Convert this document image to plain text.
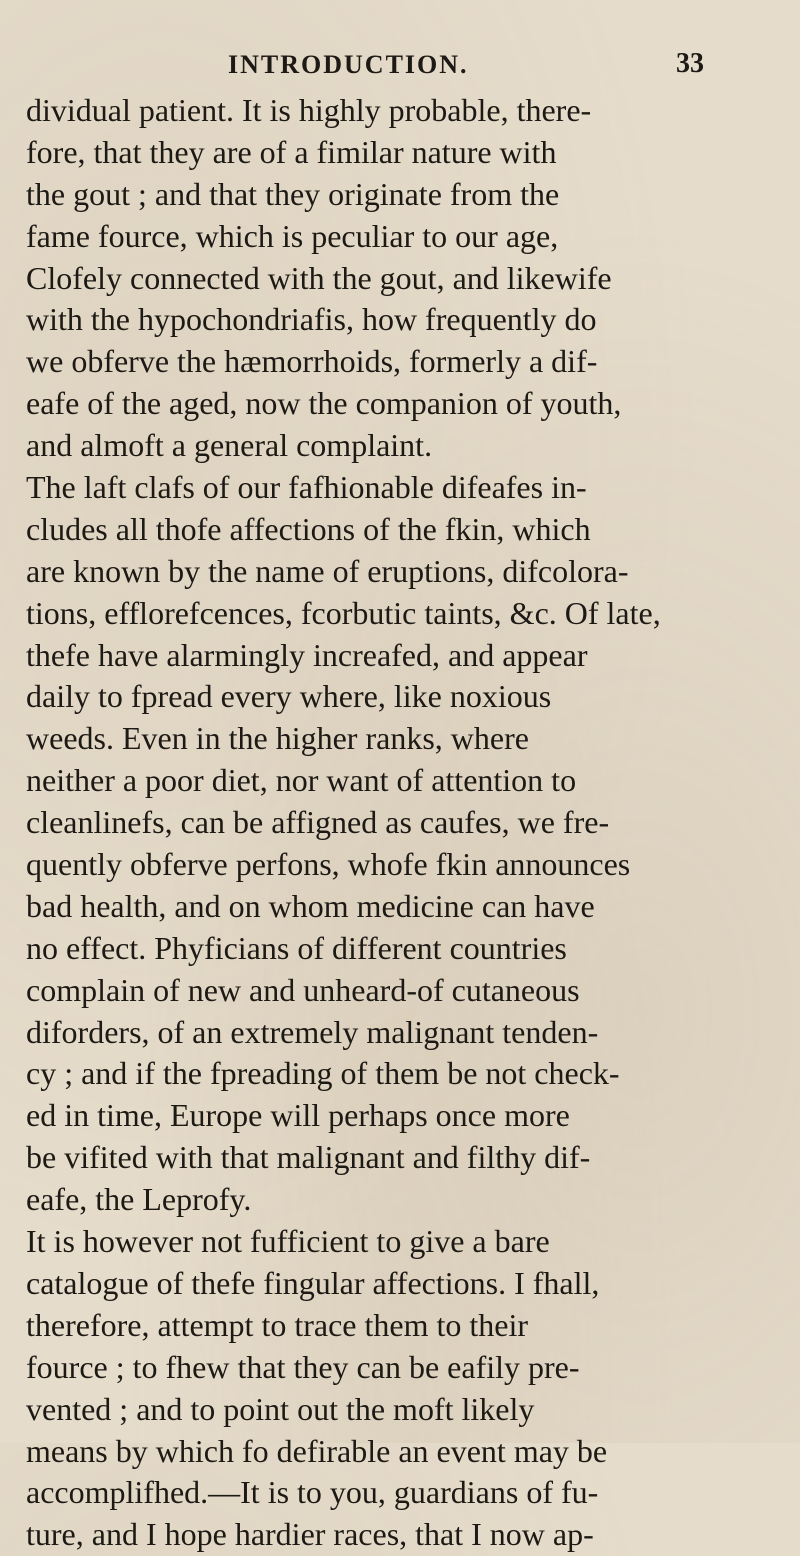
INTRODUCTION.	33
dividual patient. It is highly probable, there-
fore, that they are of a fimilar nature with
the gout ; and that they originate from the
fame fource, which is peculiar to our age,
Clofely connected with the gout, and likewife
with the hypochondriafis, how frequently do
we obferve the hæmorrhoids, formerly a dif-
eafe of the aged, now the companion of youth,
and almoft a general complaint.
The laft clafs of our fafhionable difeafes in-
cludes all thofe affections of the fkin, which
are known by the name of eruptions, difcolora-
tions, efflorefcences, fcorbutic taints, &c. Of late,
thefe have alarmingly increafed, and appear
daily to fpread every where, like noxious
weeds. Even in the higher ranks, where
neither a poor diet, nor want of attention to
cleanlinefs, can be affigned as caufes, we fre-
quently obferve perfons, whofe fkin announces
bad health, and on whom medicine can have
no effect. Phyficians of different countries
complain of new and unheard-of cutaneous
diforders, of an extremely malignant tenden-
cy ; and if the fpreading of them be not check-
ed in time, Europe will perhaps once more
be vifited with that malignant and filthy dif-
eafe, the Leprofy.
It is however not fufficient to give a bare
catalogue of thefe fingular affections. I fhall,
therefore, attempt to trace them to their
fource ; to fhew that they can be eafily pre-
vented ; and to point out the moft likely
means by which fo defirable an event may be
accomplifhed.—It is to you, guardians of fu-
ture, and I hope hardier races, that I now ap-
